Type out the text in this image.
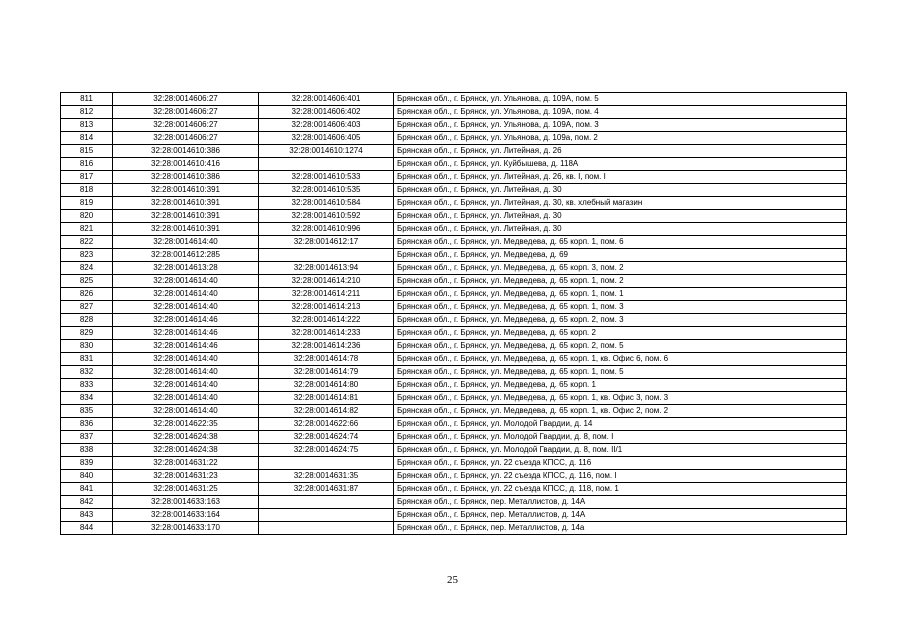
811	32:28:0014606:27	32:28:0014606:401	Брянская обл., г. Брянск, ул. Ульянова, д. 109А, пом. 5
812	32:28:0014606:27	32:28:0014606:402	Брянская обл., г. Брянск, ул. Ульянова, д. 109А, пом. 4
813	32:28:0014606:27	32:28:0014606:403	Брянская обл., г. Брянск, ул. Ульянова, д. 109А, пом. 3
814	32:28:0014606:27	32:28:0014606:405	Брянская обл., г. Брянск, ул. Ульянова, д. 109а, пом. 2
815	32:28:0014610:386	32:28:0014610:1274	Брянская обл., г. Брянск, ул. Литейная, д. 26
816	32:28:0014610:416		Брянская обл., г. Брянск, ул. Куйбышева, д. 118А
817	32:28:0014610:386	32:28:0014610:533	Брянская обл., г. Брянск, ул. Литейная, д. 26, кв. I, пом. I
818	32:28:0014610:391	32:28:0014610:535	Брянская обл., г. Брянск, ул. Литейная, д. 30
819	32:28:0014610:391	32:28:0014610:584	Брянская обл., г. Брянск, ул. Литейная, д. 30, кв. хлебный магазин
820	32:28:0014610:391	32:28:0014610:592	Брянская обл., г. Брянск, ул. Литейная, д. 30
821	32:28:0014610:391	32:28:0014610:996	Брянская обл., г. Брянск, ул. Литейная, д. 30
822	32:28:0014614:40	32:28:0014612:17	Брянская обл., г. Брянск, ул. Медведева, д. 65 корп. 1, пом. 6
823	32:28:0014612:285		Брянская обл., г. Брянск, ул. Медведева, д. 69
824	32:28:0014613:28	32:28:0014613:94	Брянская обл., г. Брянск, ул. Медведева, д. 65 корп. 3, пом. 2
825	32:28:0014614:40	32:28:0014614:210	Брянская обл., г. Брянск, ул. Медведева, д. 65 корп. 1, пом. 2
826	32:28:0014614:40	32:28:0014614:211	Брянская обл., г. Брянск, ул. Медведева, д. 65 корп. 1, пом. 1
827	32:28:0014614:40	32:28:0014614:213	Брянская обл., г. Брянск, ул. Медведева, д. 65 корп. 1, пом. 3
828	32:28:0014614:46	32:28:0014614:222	Брянская обл., г. Брянск, ул. Медведева, д. 65 корп. 2, пом. 3
829	32:28:0014614:46	32:28:0014614:233	Брянская обл., г. Брянск, ул. Медведева, д. 65 корп. 2
830	32:28:0014614:46	32:28:0014614:236	Брянская обл., г. Брянск, ул. Медведева, д. 65 корп. 2, пом. 5
831	32:28:0014614:40	32:28:0014614:78	Брянская обл., г. Брянск, ул. Медведева, д. 65 корп. 1, кв. Офис 6, пом. 6
832	32:28:0014614:40	32:28:0014614:79	Брянская обл., г. Брянск, ул. Медведева, д. 65 корп. 1, пом. 5
833	32:28:0014614:40	32:28:0014614:80	Брянская обл., г. Брянск, ул. Медведева, д. 65 корп. 1
834	32:28:0014614:40	32:28:0014614:81	Брянская обл., г. Брянск, ул. Медведева, д. 65 корп. 1, кв. Офис 3, пом. 3
835	32:28:0014614:40	32:28:0014614:82	Брянская обл., г. Брянск, ул. Медведева, д. 65 корп. 1, кв. Офис 2, пом. 2
836	32:28:0014622:35	32:28:0014622:66	Брянская обл., г. Брянск, ул. Молодой Гвардии, д. 14
837	32:28:0014624:38	32:28:0014624:74	Брянская обл., г. Брянск, ул. Молодой Гвардии, д. 8, пом. I
838	32:28:0014624:38	32:28:0014624:75	Брянская обл., г. Брянск, ул. Молодой Гвардии, д. 8, пом. II/1
839	32:28:0014631:22		Брянская обл., г. Брянск, ул. 22 съезда КПСС, д. 116
840	32:28:0014631:23	32:28:0014631:35	Брянская обл., г. Брянск, ул. 22 съезда КПСС, д. 116, пом. I
841	32:28:0014631:25	32:28:0014631:87	Брянская обл., г. Брянск, ул. 22 съезда КПСС, д. 118, пом. 1
842	32:28:0014633:163		Брянская обл., г. Брянск, пер. Металлистов, д. 14А
843	32:28:0014633:164		Брянская обл., г. Брянск, пер. Металлистов, д. 14А
844	32:28:0014633:170		Брянская обл., г. Брянск, пер. Металлистов, д. 14а
25
